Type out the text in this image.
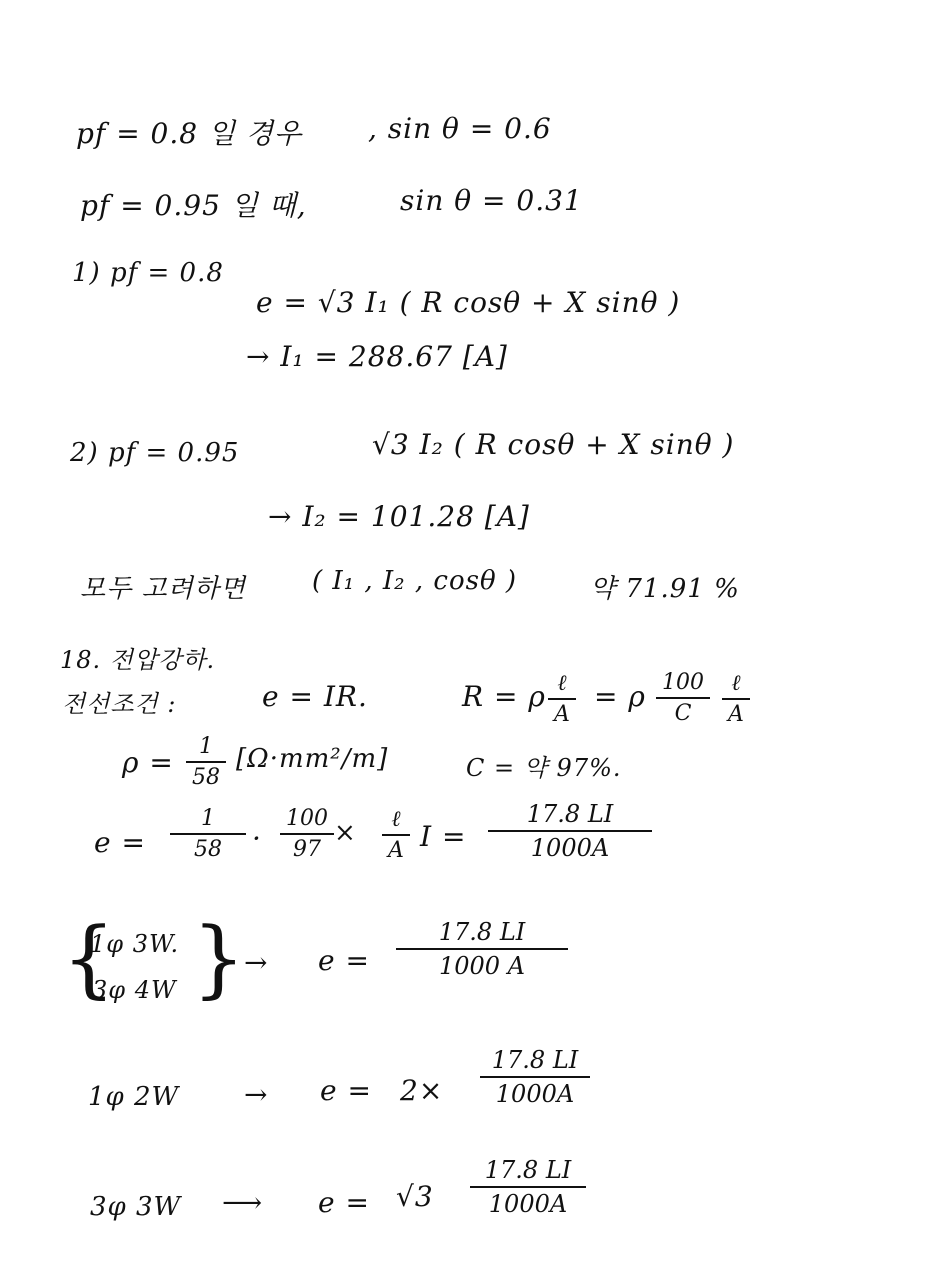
pf = 0.8 일 경우 , sin θ = 0.6
pf = 0.95 일 때,	sin θ = 0.31
1) pf = 0.8
e = √3 I₁ ( R cosθ + X sinθ )
→ I₁ = 288.67 [A]
2) pf = 0.95	√3 I₂ ( R cosθ + X sinθ )
→ I₂ = 101.28 [A]
모두 고려하면	( I₁ , I₂ , cosθ )	약 71.91 %
18. 전압강하.
전선조건 :	e = IR.	R = ρ ℓ
A
= ρ 100
C
ℓ
A
ρ = 1
58
[Ω·mm²/m]	C = 약 97%.
e =
1
58 ·
100
97
× ℓ
A I =
17.8 LI
1000A
{
1φ 3W.
3φ 4W }
→ e =
17.8 LI
1000 A
1φ 2W → e = 2×
17.8 LI
1000A
3φ 3W ⟶ e = √3
17.8 LI
1000A
